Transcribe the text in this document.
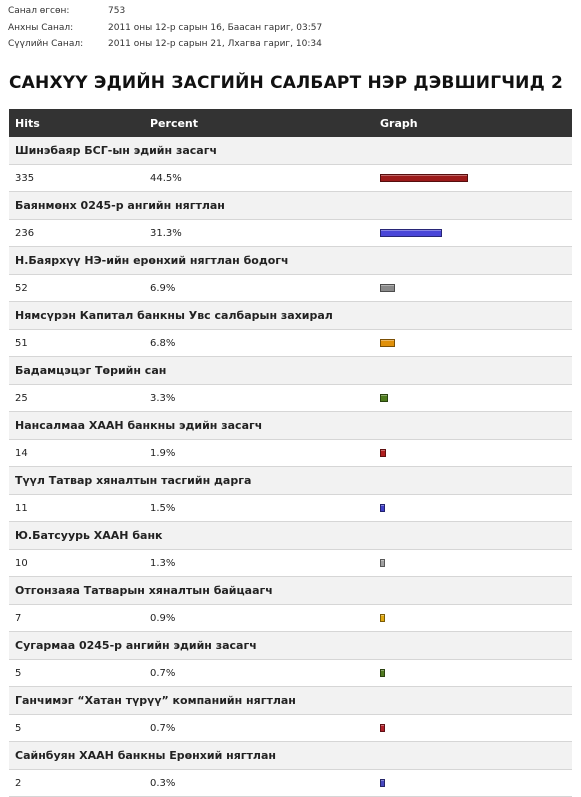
Санал өгсөн:	753
Анхны Санал:	2011 оны 12-р сарын 16, Баасан гариг, 03:57
Сүүлийн Санал:	2011 оны 12-р сарын 21, Лхагва гариг, 10:34
САНХҮҮ ЭДИЙН ЗАСГИЙН САЛБАРТ НЭР ДЭВШИГЧИД 2
Hits	Percent	Graph
Шинэбаяр БСГ-ын эдийн засагч
335	44.5%
Баянмөнх 0245-р ангийн нягтлан
236	31.3%
Н.Баярхүү НЭ-ийн ерөнхий нягтлан бодогч
52	6.9%
Нямсүрэн Капитал банкны Увс салбарын захирал
51	6.8%
Бадамцэцэг Төрийн сан
25	3.3%
Нансалмаа ХААН банкны эдийн засагч
14	1.9%
Түүл Татвар хяналтын тасгийн дарга
11	1.5%
Ю.Батсуурь ХААН банк
10	1.3%
Отгонзаяа Татварын хяналтын байцаагч
7	0.9%
Сугармаа 0245-р ангийн эдийн засагч
5	0.7%
Ганчимэг “Хатан түрүү” компанийн нягтлан
5	0.7%
Сайнбуян ХААН банкны Ерөнхий нягтлан
2	0.3%
